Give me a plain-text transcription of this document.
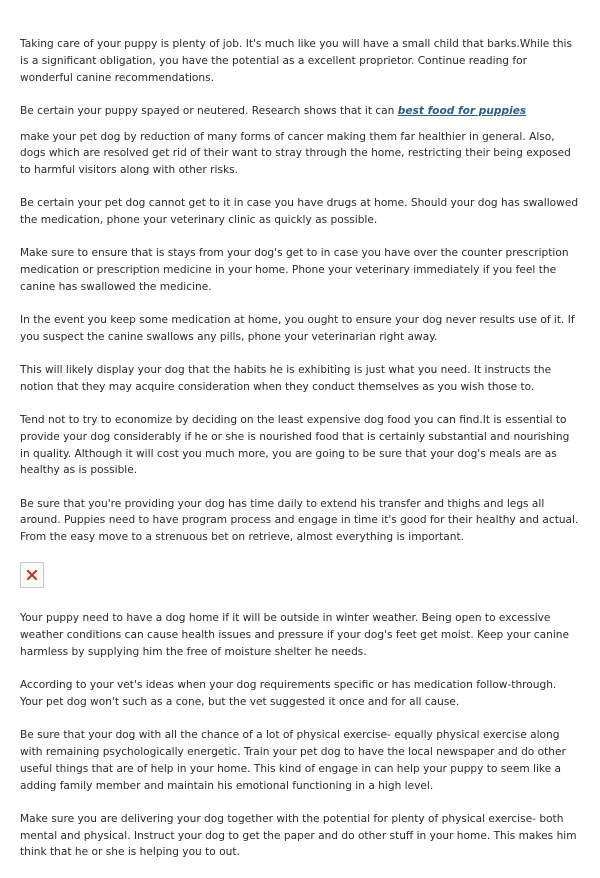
Taking care of your puppy is plenty of job. It's much like you will have a small child that barks.While this is a significant obligation, you have the potential as a excellent proprietor. Continue reading for wonderful canine recommendations.

Be certain your puppy spayed or neutered. Research shows that it can best food for puppies

make your pet dog by reduction of many forms of cancer making them far healthier in general. Also, dogs which are resolved get rid of their want to stray through the home, restricting their being exposed to harmful visitors along with other risks.

Be certain your pet dog cannot get to it in case you have drugs at home. Should your dog has swallowed the medication, phone your veterinary clinic as quickly as possible.

Make sure to ensure that is stays from your dog's get to in case you have over the counter prescription medication or prescription medicine in your home. Phone your veterinary immediately if you feel the canine has swallowed the medicine.

In the event you keep some medication at home, you ought to ensure your dog never results use of it. If you suspect the canine swallows any pills, phone your veterinarian right away.

This will likely display your dog that the habits he is exhibiting is just what you need. It instructs the notion that they may acquire consideration when they conduct themselves as you wish those to.

Tend not to try to economize by deciding on the least expensive dog food you can find.It is essential to provide your dog considerably if he or she is nourished food that is certainly substantial and nourishing in quality. Although it will cost you much more, you are going to be sure that your dog's meals are as healthy as is possible.

Be sure that you're providing your dog has time daily to extend his transfer and thighs and legs all around. Puppies need to have program process and engage in time it's good for their healthy and actual. From the easy move to a strenuous bet on retrieve, almost everything is important.

Your puppy need to have a dog home if it will be outside in winter weather. Being open to excessive weather conditions can cause health issues and pressure if your dog's feet get moist. Keep your canine harmless by supplying him the free of moisture shelter he needs.

According to your vet's ideas when your dog requirements specific or has medication follow-through. Your pet dog won't such as a cone, but the vet suggested it once and for all cause.

Be sure that your dog with all the chance of a lot of physical exercise- equally physical exercise along with remaining psychologically energetic. Train your pet dog to have the local newspaper and do other useful things that are of help in your home. This kind of engage in can help your puppy to seem like a adding family member and maintain his emotional functioning in a high level.

Make sure you are delivering your dog together with the potential for plenty of physical exercise- both mental and physical. Instruct your dog to get the paper and do other stuff in your home. This makes him think that he or she is helping you to out.
